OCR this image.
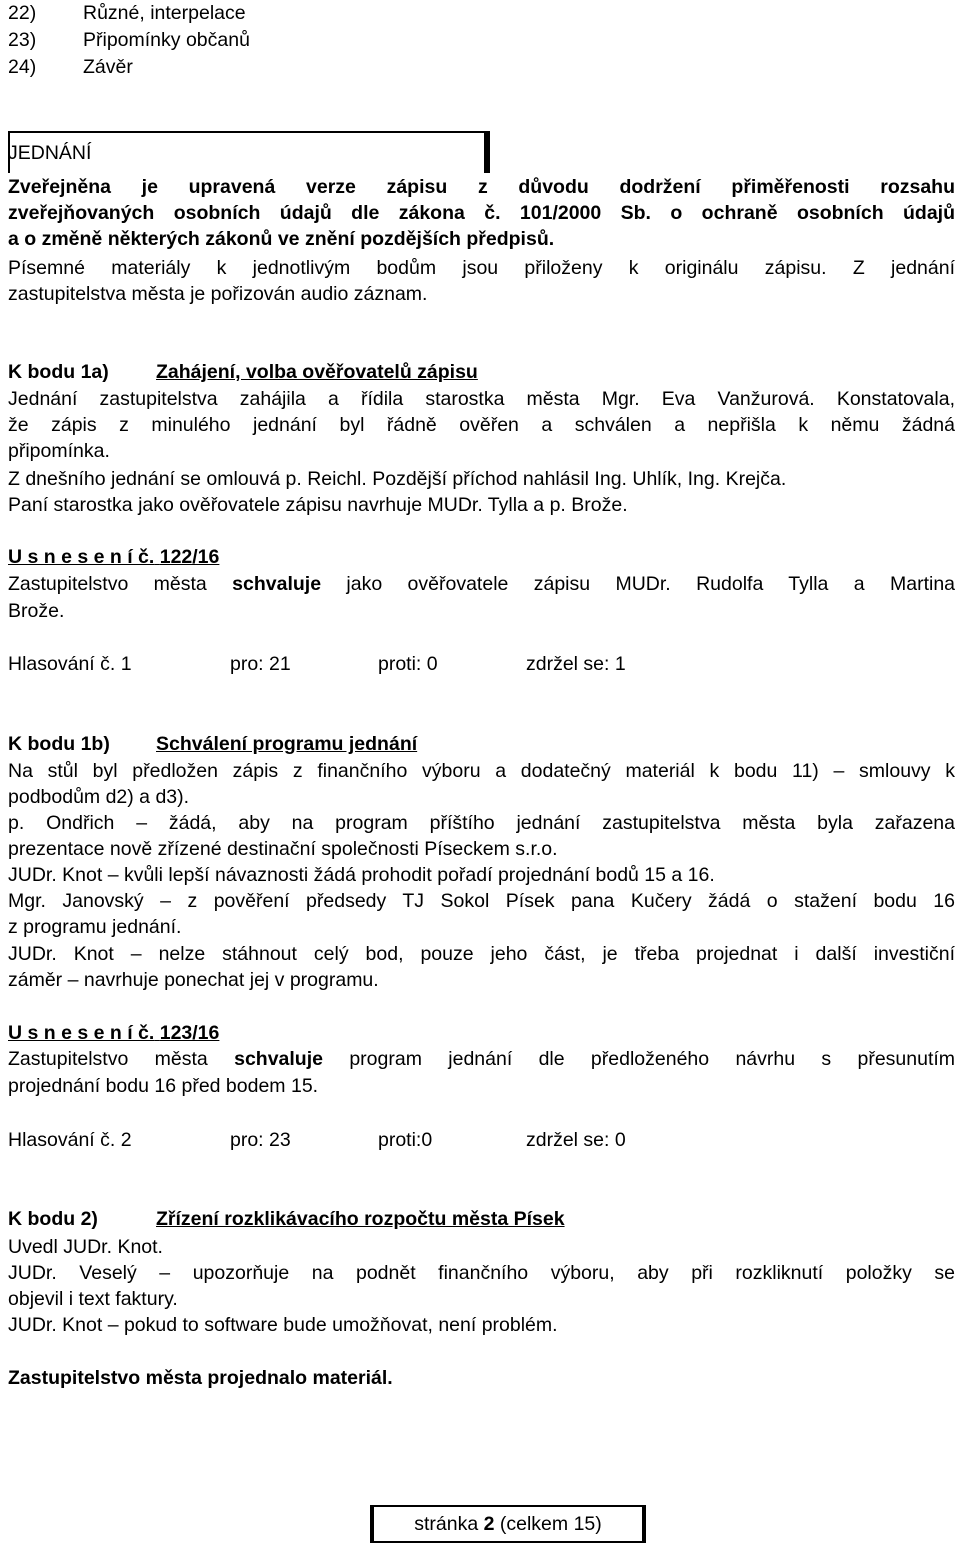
22) Různé, interpelace
23) Připomínky občanů
24) Závěr
JEDNÁNÍ
Zveřejněna je upravená verze zápisu z důvodu dodržení přiměřenosti rozsahu
zveřejňovaných osobních údajů dle zákona č. 101/2000 Sb. o ochraně osobních údajů
a o změně některých zákonů ve znění pozdějších předpisů.
Písemné materiály k jednotlivým bodům jsou přiloženy k originálu zápisu. Z jednání
zastupitelstva města je pořizován audio záznam.
K bodu 1a) Zahájení, volba ověřovatelů zápisu
Jednání zastupitelstva zahájila a řídila starostka města Mgr. Eva Vanžurová. Konstatovala,
že zápis z minulého jednání byl řádně ověřen a schválen a nepřišla k němu žádná
připomínka.
Z dnešního jednání se omlouvá p. Reichl. Pozdější příchod nahlásil Ing. Uhlík, Ing. Krejča.
Paní starostka jako ověřovatele zápisu navrhuje MUDr. Tylla a p. Brože.
U s n e s e n í č. 122/16
Zastupitelstvo města schvaluje jako ověřovatele zápisu MUDr. Rudolfa Tylla a Martina
Brože.
Hlasování č. 1	pro: 21	proti: 0	zdržel se: 1
K bodu 1b) Schválení programu jednání
Na stůl byl předložen zápis z finančního výboru a dodatečný materiál k bodu 11) – smlouvy k
podbodům d2) a d3).
p. Ondřich – žádá, aby na program příštího jednání zastupitelstva města byla zařazena
prezentace nově zřízené destinační společnosti Píseckem s.r.o.
JUDr. Knot – kvůli lepší návaznosti žádá prohodit pořadí projednání bodů 15 a 16.
Mgr. Janovský – z pověření předsedy TJ Sokol Písek pana Kučery žádá o stažení bodu 16
z programu jednání.
JUDr. Knot – nelze stáhnout celý bod, pouze jeho část, je třeba projednat i další investiční
záměr – navrhuje ponechat jej v programu.
U s n e s e n í č. 123/16
Zastupitelstvo města schvaluje program jednání dle předloženého návrhu s přesunutím
projednání bodu 16 před bodem 15.
Hlasování č. 2	pro: 23	proti:0	zdržel se: 0
K bodu 2)	Zřízení rozklikávacího rozpočtu města Písek
Uvedl JUDr. Knot.
JUDr. Veselý – upozorňuje na podnět finančního výboru, aby při rozkliknutí položky se
objevil i text faktury.
JUDr. Knot – pokud to software bude umožňovat, není problém.
Zastupitelstvo města projednalo materiál.
stránka
2
(celkem 15)
